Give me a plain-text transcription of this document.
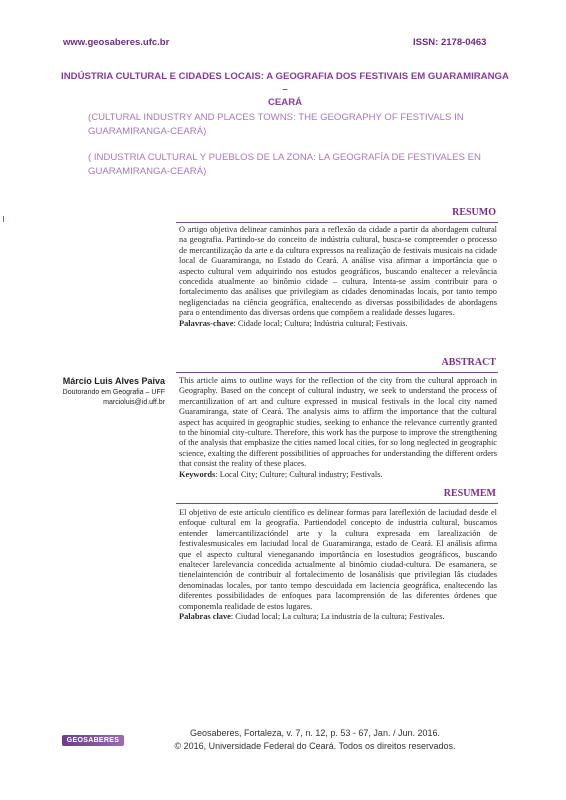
www.geosaberes.ufc.br	ISSN: 2178-0463
INDÚSTRIA CULTURAL E CIDADES LOCAIS: A GEOGRAFIA DOS FESTIVAIS EM GUARAMIRANGA –
CEARÁ
(CULTURAL INDUSTRY AND PLACES TOWNS: THE GEOGRAPHY OF FESTIVALS IN
GUARAMIRANGA-CEARÁ)
( INDUSTRIA CULTURAL Y PUEBLOS DE LA ZONA: LA GEOGRAFÍA DE FESTIVALES EN
GUARAMIRANGA-CEARÁ)
RESUMO
O artigo objetiva delinear caminhos para a reflexão da cidade a partir da abordagem cultural na geografia. Partindo-se do conceito de indústria cultural, busca-se compreender o processo de mercantilização da arte e da cultura expressos na realização de festivais musicais na cidade local de Guaramiranga, no Estado do Ceará. A análise visa afirmar a importância que o aspecto cultural vem adquirindo nos estudos geográficos, buscando enaltecer a relevância concedida atualmente ao binômio cidade – cultura. Intenta-se assim contribuir para o fortalecimento das análises que privilegiam as cidades denominadas locais, por tanto tempo negligenciadas na ciência geográfica, enaltecendo as diversas possibilidades de abordagens para o entendimento das diversas ordens que compõem a realidade desses lugares.
Palavras-chave: Cidade local; Cultura; Indústria cultural; Festivais.
ABSTRACT
This article aims to outline ways for the reflection of the city from the cultural approach in Geography. Based on the concept of cultural industry, we seek to understand the process of mercantilization of art and culture expressed in musical festivals in the local city named Guaramiranga, state of Ceará. The analysis aims to affirm the importance that the cultural aspect has acquired in geographic studies, seeking to enhance the relevance currently granted to the binomial city-culture. Therefore, this work has the purpose to improve the strengthening of the analysis that emphasize the cities named local cities, for so long neglected in geographic science, exalting the different possibilities of approaches for understanding the different orders that consist the reality of these places.
Keywords: Local City; Culture; Cultural industry; Festivals.
Márcio Luis Alves Paiva
Doutorando em Geografia – UFF
marcioluis@id.uff.br
RESUMEM
El objetivo de este artículo científico es delinear formas para lareflexión de laciudad desde el enfoque cultural em la geografía. Partiendodel concepto de industria cultural, buscamos entender lamercantilizacióndel arte y la cultura expresada em larealización de festivalesmusicales em laciudad local de Guaramiranga, estado de Ceará. El análisis afirma que el aspecto cultural vieneganando importância en losestudios geográficos, buscando enaltecer larelevancia concedida actualmente al binômio ciudad-cultura. De esamanera, se tienelaintención de contribuir al fortalecimento de losanálisis que privilegian lâs ciudades denominadas locales, por tanto tempo descuidada em laciencia geográfica, enaltecendo las diferentes possibilidades de enfoques para lacomprensión de las diferentes órdenes que componemla realidade de estos lugares.
Palabras clave: Ciudad local; La cultura; La industria de la cultura; Festivales.
GEOSABERES
Geosaberes, Fortaleza, v. 7, n. 12, p. 53 - 67, Jan. / Jun. 2016.
© 2016, Universidade Federal do Ceará. Todos os direitos reservados.
